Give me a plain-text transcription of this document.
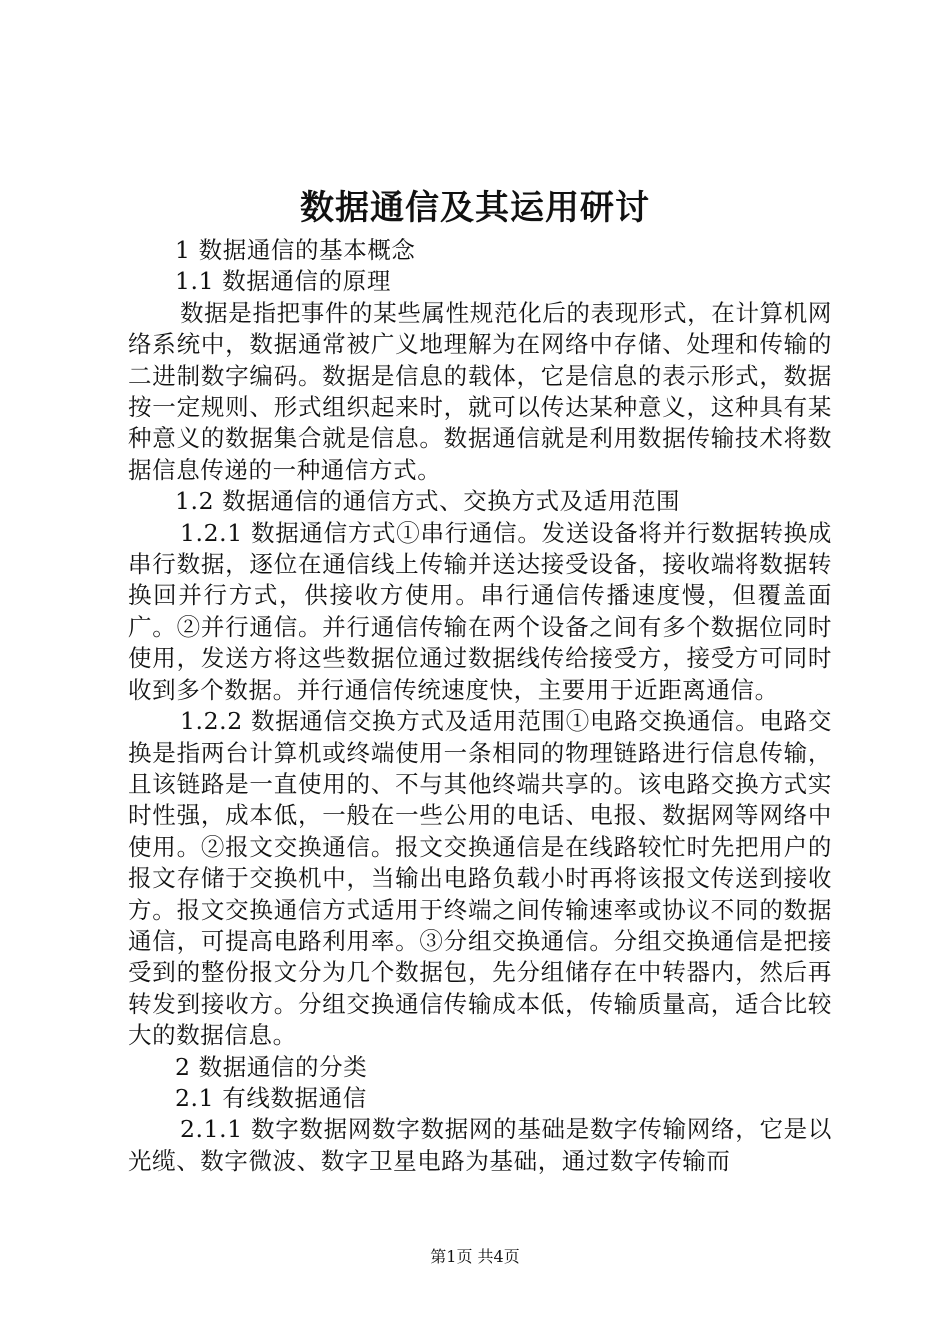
数据通信及其运用研讨

1 数据通信的基本概念

1.1 数据通信的原理

数据是指把事件的某些属性规范化后的表现形式，在计算机网络系统中，数据通常被广义地理解为在网络中存储、处理和传输的二进制数字编码。数据是信息的载体，它是信息的表示形式，数据按一定规则、形式组织起来时，就可以传达某种意义，这种具有某种意义的数据集合就是信息。数据通信就是利用数据传输技术将数据信息传递的一种通信方式。

1.2 数据通信的通信方式、交换方式及适用范围

1.2.1 数据通信方式①串行通信。发送设备将并行数据转换成串行数据，逐位在通信线上传输并送达接受设备，接收端将数据转换回并行方式，供接收方使用。串行通信传播速度慢，但覆盖面广。②并行通信。并行通信传输在两个设备之间有多个数据位同时使用，发送方将这些数据位通过数据线传给接受方，接受方可同时收到多个数据。并行通信传统速度快，主要用于近距离通信。

1.2.2 数据通信交换方式及适用范围①电路交换通信。电路交换是指两台计算机或终端使用一条相同的物理链路进行信息传输，且该链路是一直使用的、不与其他终端共享的。该电路交换方式实时性强，成本低，一般在一些公用的电话、电报、数据网等网络中使用。②报文交换通信。报文交换通信是在线路较忙时先把用户的报文存储于交换机中，当输出电路负载小时再将该报文传送到接收方。报文交换通信方式适用于终端之间传输速率或协议不同的数据通信，可提高电路利用率。③分组交换通信。分组交换通信是把接受到的整份报文分为几个数据包，先分组储存在中转器内，然后再转发到接收方。分组交换通信传输成本低，传输质量高，适合比较大的数据信息。

2 数据通信的分类

2.1 有线数据通信

2.1.1 数字数据网数字数据网的基础是数字传输网络，它是以光缆、数字微波、数字卫星电路为基础，通过数字传输而

第1页 共4页
